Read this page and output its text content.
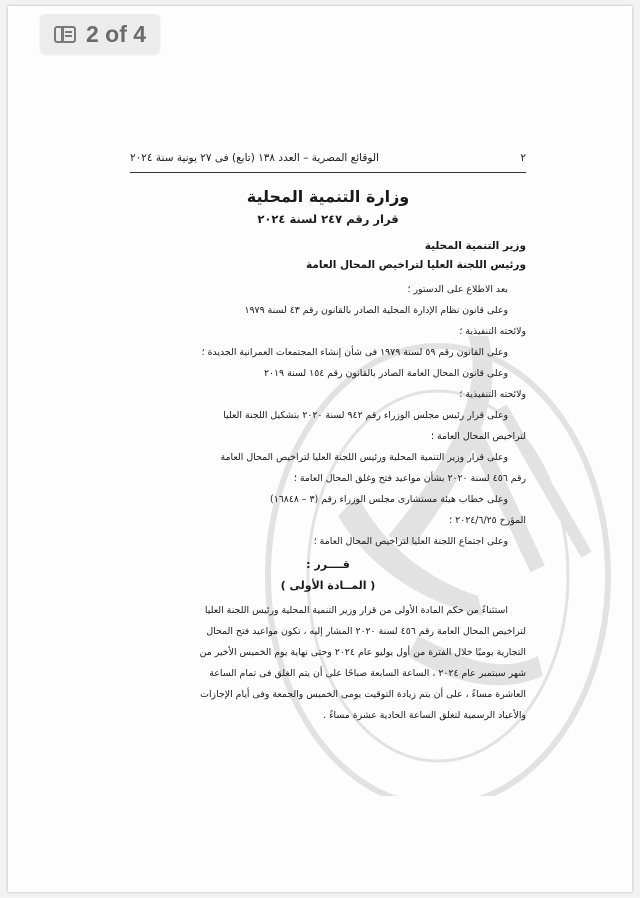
2 of 4
٢
الوقائع المصرية – العدد ١٣٨ (تابع) فى ٢٧ يونية سنة ٢٠٢٤
وزارة التنمية المحلية
قرار رقم ٢٤٧ لسنة ٢٠٢٤
وزير التنمية المحلية
ورئيس اللجنة العليا لتراخيص المحال العامة

بعد الاطلاع على الدستور ؛

وعلى قانون نظام الإدارة المحلية الصادر بالقانون رقم ٤٣ لسنة ١٩٧٩

ولائحته التنفيذية ؛

وعلى القانون رقم ٥٩ لسنة ١٩٧٩ فى شأن إنشاء المجتمعات العمرانية الجديدة ؛

وعلى قانون المحال العامة الصادر بالقانون رقم ١٥٤ لسنة ٢٠١٩

ولائحته التنفيذية ؛

وعلى قرار رئيس مجلس الوزراء رقم ٩٤٢ لسنة ٢٠٢٠ بتشكيل اللجنة العليا

لتراخيص المحال العامة ؛

وعلى قرار وزير التنمية المحلية ورئيس اللجنة العليا لتراخيص المحال العامة

رقم ٤٥٦ لسنة ٢٠٢٠ بشأن مواعيد فتح وغلق المحال العامة ؛

وعلى خطاب هيئة مستشارى مجلس الوزراء رقم (٣ – ١٦٨٤٨)

المؤرخ ٢٠٢٤/٦/٢٥ ؛

وعلى اجتماع اللجنة العليا لتراخيص المحال العامة ؛

قــــرر :
( المــادة الأولى )

استثناءً من حكم المادة الأولى من قرار وزير التنمية المحلية ورئيس اللجنة العليا

لتراخيص المحال العامة رقم ٤٥٦ لسنة ٢٠٢٠ المشار إليه ، تكون مواعيد فتح المحال

التجارية يوميًا خلال الفترة من أول يوليو عام ٢٠٢٤ وحتى نهاية يوم الخميس الأخير من

شهر سبتمبر عام ٢٠٢٤ ، الساعة السابعة صباحًا على أن يتم الغلق فى تمام الساعة

العاشرة مساءً ، على أن يتم زيادة التوقيت يومى الخميس والجمعة وفى أيام الإجازات

والأعياد الرسمية لتغلق الساعة الحادية عشرة مساءً .
